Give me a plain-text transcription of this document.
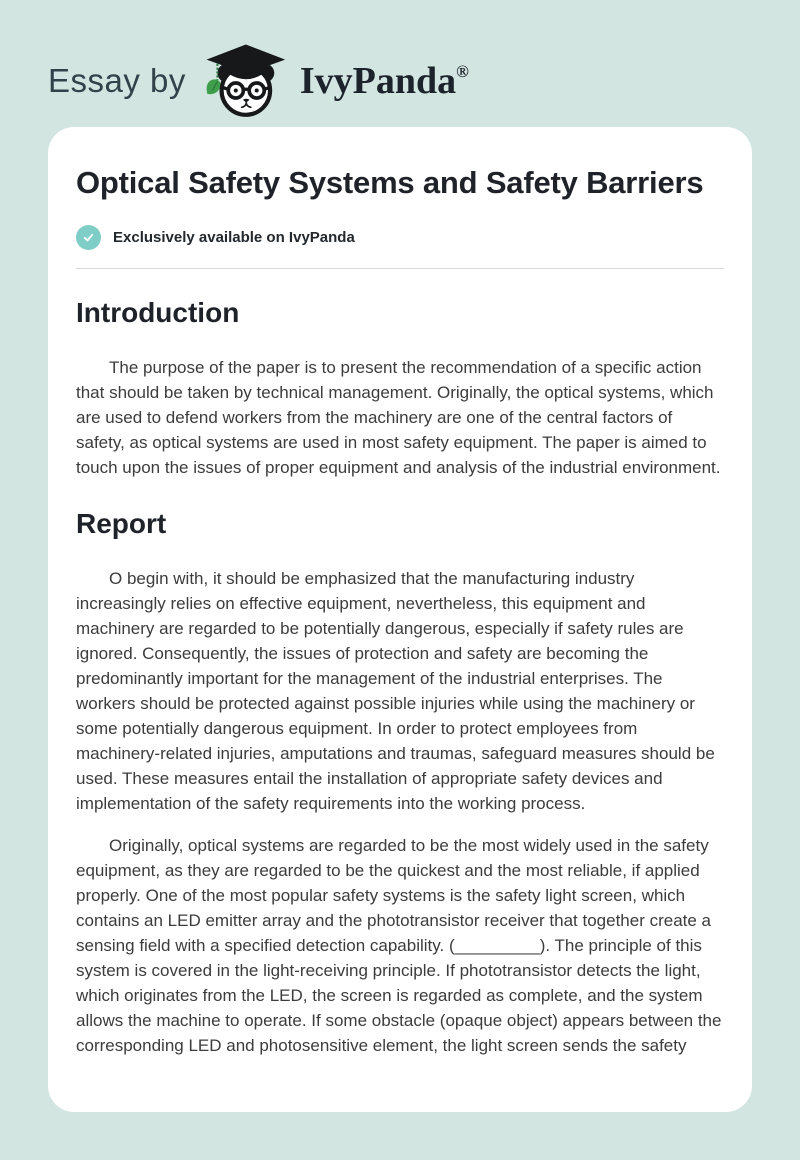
Essay by	IvyPanda®
Optical Safety Systems and Safety Barriers
Exclusively available on IvyPanda
Introduction

The purpose of the paper is to present the recommendation of a specific action that should be taken by technical management. Originally, the optical systems, which are used to defend workers from the machinery are one of the central factors of safety, as optical systems are used in most safety equipment. The paper is aimed to touch upon the issues of proper equipment and analysis of the industrial environment.

Report

O begin with, it should be emphasized that the manufacturing industry increasingly relies on effective equipment, nevertheless, this equipment and machinery are regarded to be potentially dangerous, especially if safety rules are ignored. Consequently, the issues of protection and safety are becoming the predominantly important for the management of the industrial enterprises. The workers should be protected against possible injuries while using the machinery or some potentially dangerous equipment. In order to protect employees from machinery-related injuries, amputations and traumas, safeguard measures should be used. These measures entail the installation of appropriate safety devices and implementation of the safety requirements into the working process.

Originally, optical systems are regarded to be the most widely used in the safety equipment, as they are regarded to be the quickest and the most reliable, if applied properly. One of the most popular safety systems is the safety light screen, which contains an LED emitter array and the phototransistor receiver that together create a sensing field with a specified detection capability. (_________). The principle of this system is covered in the light-receiving principle. If phototransistor detects the light, which originates from the LED, the screen is regarded as complete, and the system allows the machine to operate. If some obstacle (opaque object) appears between the corresponding LED and photosensitive element, the light screen sends the safety
